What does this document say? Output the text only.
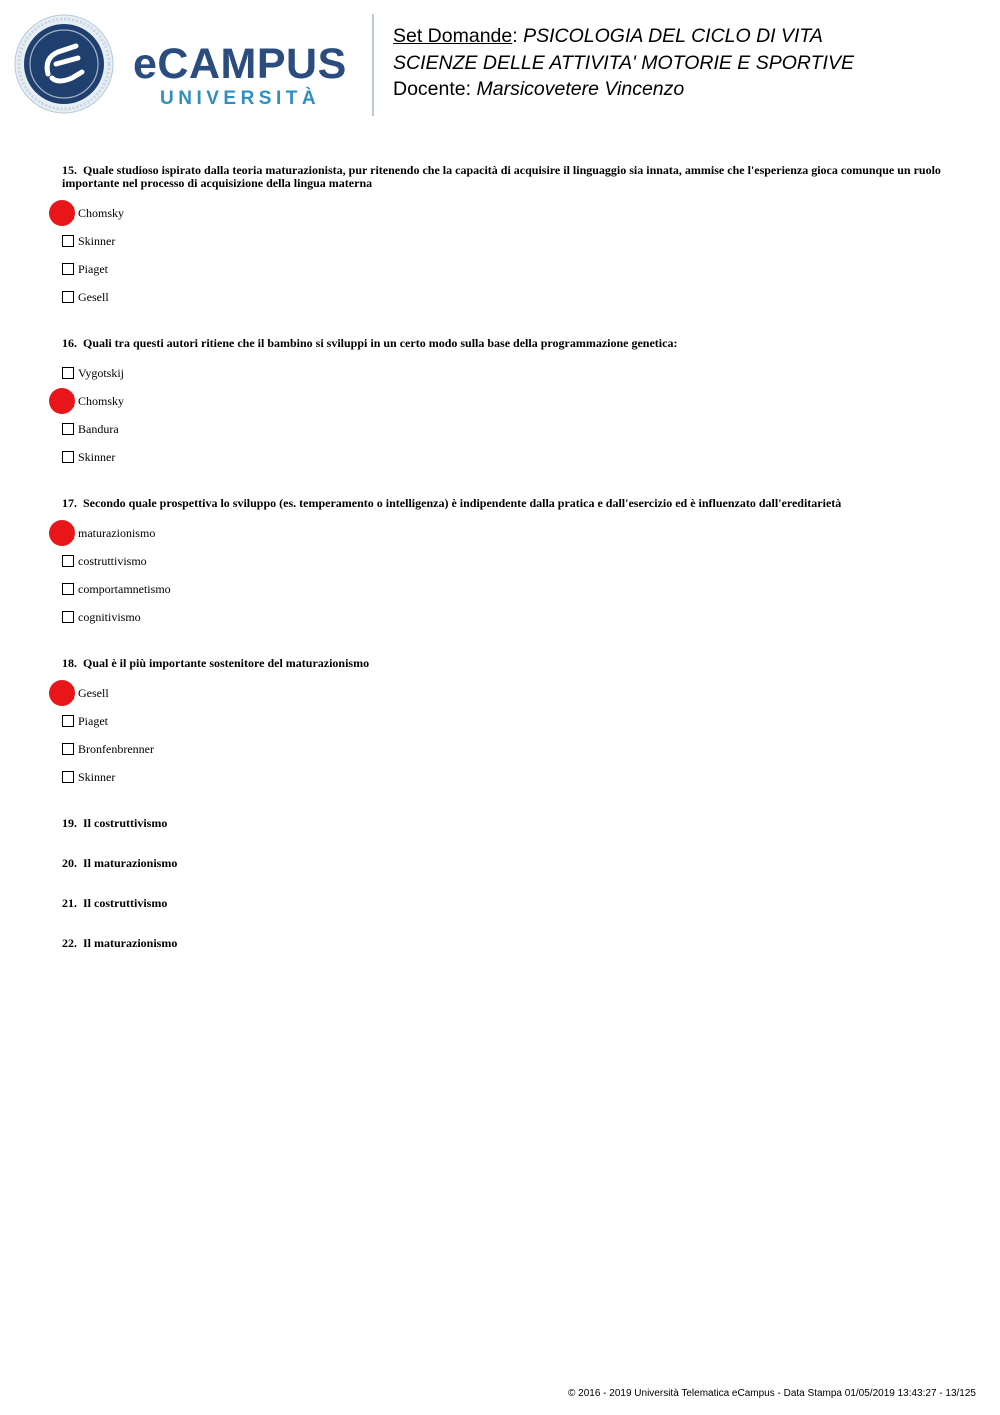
eCAMPUS
UNIVERSITÀ
Set Domande: PSICOLOGIA DEL CICLO DI VITA
SCIENZE DELLE ATTIVITA' MOTORIE E SPORTIVE
Docente: Marsicovetere Vincenzo

15. Quale studioso ispirato dalla teoria maturazionista, pur ritenendo che la capacità di acquisire il linguaggio sia innata, ammise che l'esperienza gioca comunque un ruolo importante nel processo di acquisizione della lingua materna

Chomsky
Skinner
Piaget
Gesell

16. Quali tra questi autori ritiene che il bambino si sviluppi in un certo modo sulla base della programmazione genetica:

Vygotskij
Chomsky
Bandura
Skinner

17. Secondo quale prospettiva lo sviluppo (es. temperamento o intelligenza) è indipendente dalla pratica e dall'esercizio ed è influenzato dall'ereditarietà

maturazionismo
costruttivismo
comportamnetismo
cognitivismo

18. Qual è il più importante sostenitore del maturazionismo

Gesell
Piaget
Bronfenbrenner
Skinner

19. Il costruttivismo

20. Il maturazionismo

21. Il costruttivismo

22. Il maturazionismo

© 2016 - 2019 Università Telematica eCampus - Data Stampa 01/05/2019 13:43:27 - 13/125
